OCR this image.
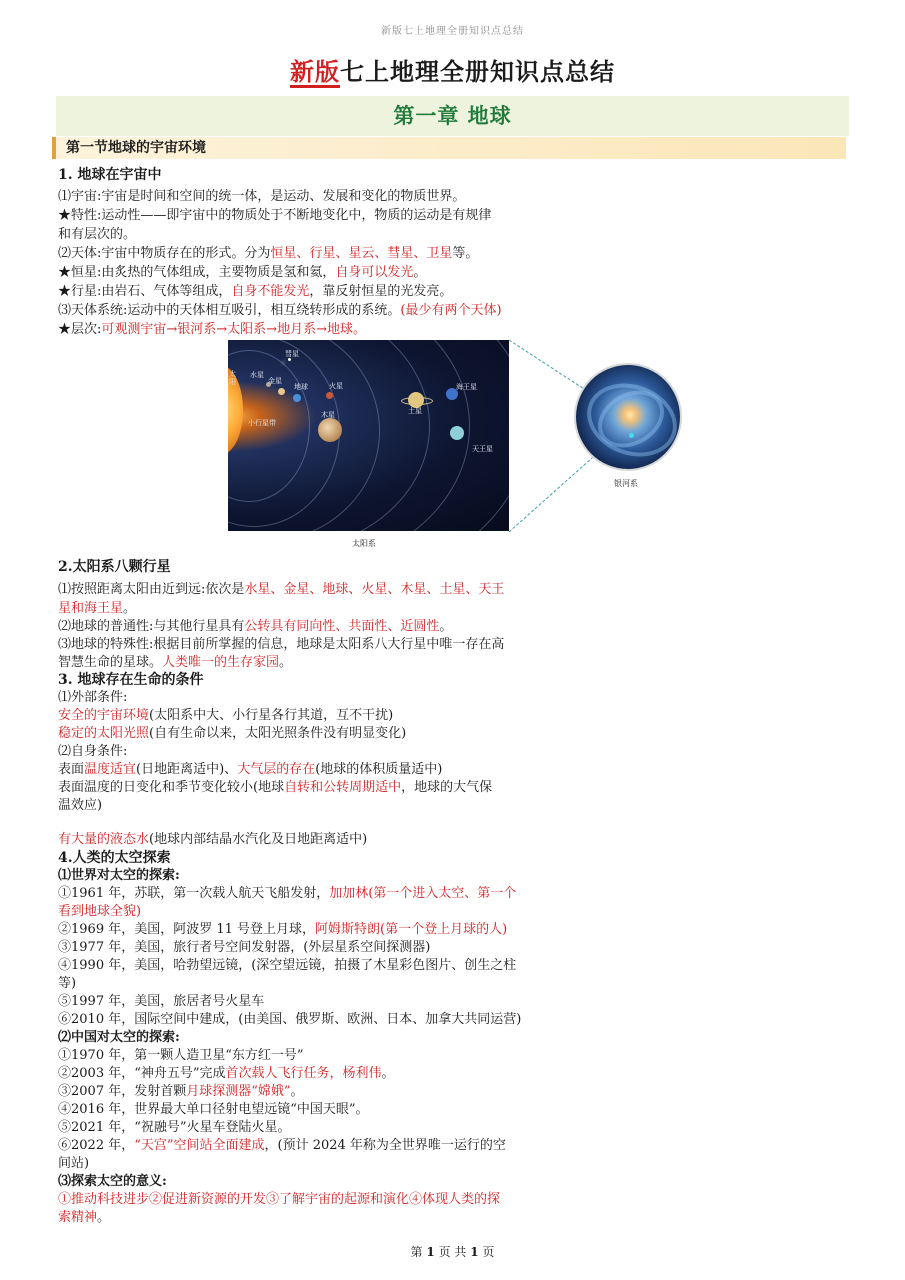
新版七上地理全册知识点总结
新版七上地理全册知识点总结
第一章 地球
第一节地球的宇宙环境
1. 地球在宇宙中
⑴宇宙:宇宙是时间和空间的统一体，是运动、发展和变化的物质世界。
★特性:运动性——即宇宙中的物质处于不断地变化中，物质的运动是有规律
和有层次的。
⑵天体:宇宙中物质存在的形式。分为恒星、行星、星云、彗星、卫星等。
★恒星:由炙热的气体组成，主要物质是氢和氦，自身可以发光。
★行星:由岩石、气体等组成，自身不能发光，靠反射恒星的光发亮。
⑶天体系统:运动中的天体相互吸引，相互绕转形成的系统。(最少有两个天体)
★层次:可观测宇宙→银河系→太阳系→地月系→地球。
彗星
太阳
水星
金星
地球	火星
小行星带
木星	土星
海王星
天王星
太阳系
银河系
2.太阳系八颗行星
⑴按照距离太阳由近到远:依次是水星、金星、地球、火星、木星、土星、天王
星和海王星。
⑵地球的普通性:与其他行星具有公转具有同向性、共面性、近圆性。
⑶地球的特殊性:根据目前所掌握的信息，地球是太阳系八大行星中唯一存在高
智慧生命的星球。人类唯一的生存家园。
3. 地球存在生命的条件
⑴外部条件:
安全的宇宙环境(太阳系中大、小行星各行其道，互不干扰)
稳定的太阳光照(自有生命以来，太阳光照条件没有明显变化)
⑵自身条件:
表面温度适宜(日地距离适中)、大气层的存在(地球的体积质量适中)
表面温度的日变化和季节变化较小(地球自转和公转周期适中，地球的大气保
温效应)
有大量的液态水(地球内部结晶水汽化及日地距离适中)
4.人类的太空探索
⑴世界对太空的探索:
①1961 年，苏联，第一次载人航天飞船发射，加加林(第一个进入太空、第一个
看到地球全貌)
②1969 年，美国，阿波罗 11 号登上月球，阿姆斯特朗(第一个登上月球的人)
③1977 年，美国，旅行者号空间发射器，(外层星系空间探测器)
④1990 年，美国，哈勃望远镜，(深空望远镜，拍摄了木星彩色图片、创生之柱
等)
⑤1997 年，美国，旅居者号火星车
⑥2010 年，国际空间中建成，(由美国、俄罗斯、欧洲、日本、加拿大共同运营)
⑵中国对太空的探索:
①1970 年，第一颗人造卫星“东方红一号”
②2003 年，“神舟五号”完成首次载人飞行任务，杨利伟。
③2007 年，发射首颗月球探测器“嫦娥”。
④2016 年，世界最大单口径射电望远镜“中国天眼”。
⑤2021 年，“祝融号”火星车登陆火星。
⑥2022 年，“天宫”空间站全面建成，(预计 2024 年称为全世界唯一运行的空
间站)
⑶探索太空的意义:
①推动科技进步②促进新资源的开发③了解宇宙的起源和演化④体现人类的探
索精神。
第 1 页 共 1 页
